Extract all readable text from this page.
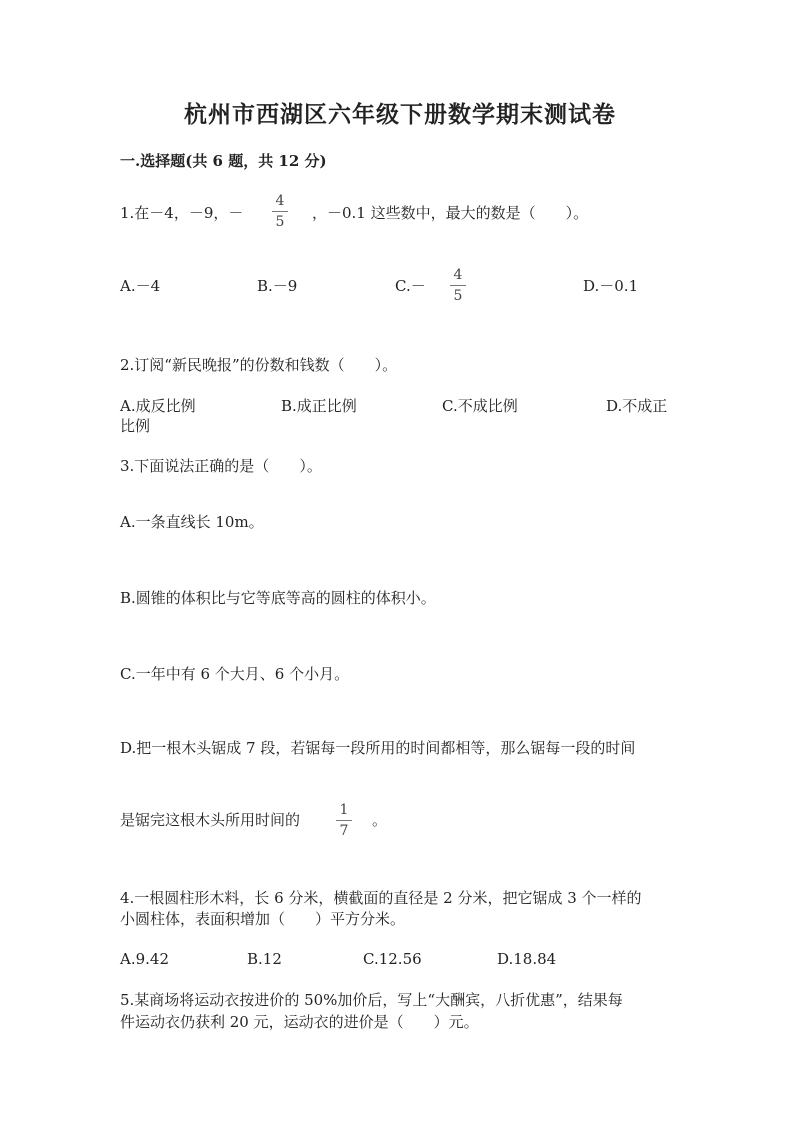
杭州市西湖区六年级下册数学期末测试卷
一.选择题(共 6 题，共 12 分)
1.在－4，－9，－
4
5 ，－0.1 这些数中，最大的数是（　　）。
A.－4	B.－9	C.－
4
5
D.－0.1
2.订阅“新民晚报”的份数和钱数（　　）。
A.成反比例	B.成正比例	C.不成比例	D.不成正
比例
3.下面说法正确的是（　　）。
A.一条直线长 10m。
B.圆锥的体积比与它等底等高的圆柱的体积小。
C.一年中有 6 个大月、6 个小月。
D.把一根木头锯成 7 段，若锯每一段所用的时间都相等，那么锯每一段的时间
是锯完这根木头所用时间的
1
7
。
4.一根圆柱形木料，长 6 分米，横截面的直径是 2 分米，把它锯成 3 个一样的
小圆柱体，表面积增加（　　）平方分米。
A.9.42	B.12	C.12.56	D.18.84
5.某商场将运动衣按进价的 50%加价后，写上“大酬宾，八折优惠”，结果每
件运动衣仍获利 20 元，运动衣的进价是（　　）元。
